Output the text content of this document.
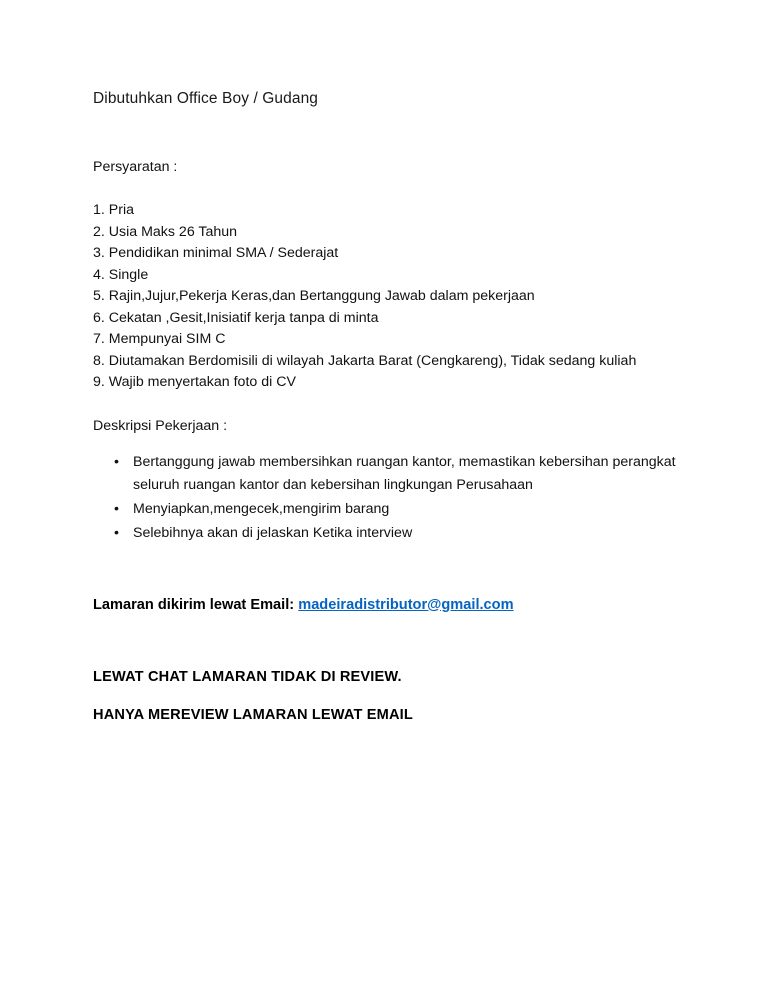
Dibutuhkan Office Boy / Gudang

Persyaratan :

1. Pria
2. Usia Maks 26 Tahun
3. Pendidikan minimal SMA / Sederajat
4. Single
5. Rajin,Jujur,Pekerja Keras,dan Bertanggung Jawab dalam pekerjaan
6. Cekatan ,Gesit,Inisiatif kerja tanpa di minta
7. Mempunyai SIM C
8. Diutamakan Berdomisili di wilayah Jakarta Barat (Cengkareng), Tidak sedang kuliah
9. Wajib menyertakan foto di CV

Deskripsi Pekerjaan :

• Bertanggung jawab membersihkan ruangan kantor, memastikan kebersihan perangkat seluruh ruangan kantor dan kebersihan lingkungan Perusahaan
• Menyiapkan,mengecek,mengirim barang
• Selebihnya akan di jelaskan Ketika interview

Lamaran dikirim lewat Email: madeiradistributor@gmail.com

LEWAT CHAT LAMARAN TIDAK DI REVIEW.

HANYA MEREVIEW LAMARAN LEWAT EMAIL
